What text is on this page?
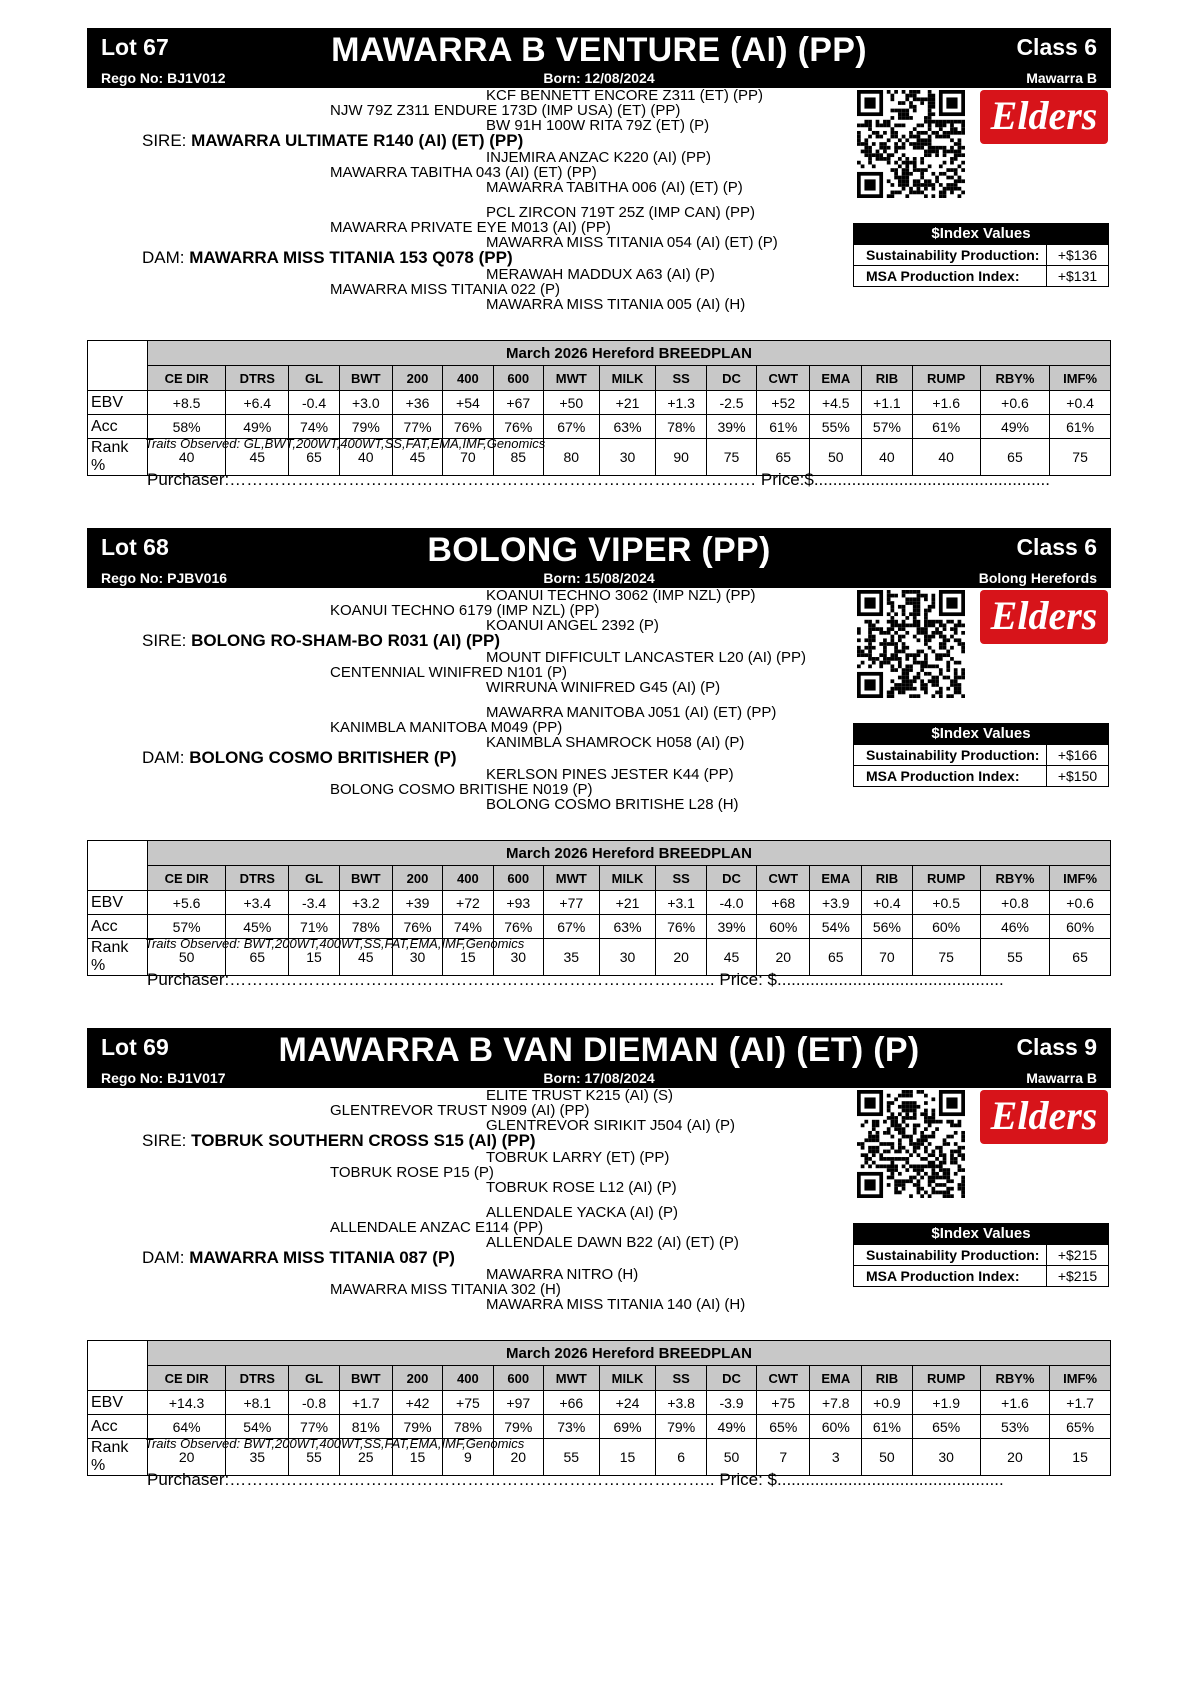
Lot 67	MAWARRA B VENTURE (AI) (PP)	Class 6
Rego No: BJ1V012	Born: 12/08/2024	Mawarra B
KCF BENNETT ENCORE Z311 (ET) (PP)
NJW 79Z Z311 ENDURE 173D (IMP USA) (ET) (PP)
BW 91H 100W RITA 79Z (ET) (P)
SIRE: MAWARRA ULTIMATE R140 (AI) (ET) (PP)
INJEMIRA ANZAC K220 (AI) (PP)
MAWARRA TABITHA 043 (AI) (ET) (PP)
MAWARRA TABITHA 006 (AI) (ET) (P)
PCL ZIRCON 719T 25Z (IMP CAN) (PP)
MAWARRA PRIVATE EYE M013 (AI) (PP)
MAWARRA MISS TITANIA 054 (AI) (ET) (P)
DAM: MAWARRA MISS TITANIA 153 Q078 (PP)
MERAWAH MADDUX A63 (AI) (P)
MAWARRA MISS TITANIA 022 (P)
MAWARRA MISS TITANIA 005 (AI) (H)
Elders
$Index Values
Sustainability Production:	+$136
MSA Production Index:	+$131
	March 2026 Hereford BREEDPLAN																
	CE DIR	DTRS	GL	BWT	200	400	600	MWT	MILK	SS	DC	CWT	EMA	RIB	RUMP	RBY%	IMF%
EBV	+8.5	+6.4	-0.4	+3.0	+36	+54	+67	+50	+21	+1.3	-2.5	+52	+4.5	+1.1	+1.6	+0.6	+0.4
Acc	58%	49%	74%	79%	77%	76%	76%	67%	63%	78%	39%	61%	55%	57%	61%	49%	61%
Rank %	40	45	65	40	45	70	85	80	30	90	75	65	50	40	40	65	75
Traits Observed: GL,BWT,200WT,400WT,SS,FAT,EMA,IMF,Genomics
Purchaser:………………………………………………………………………………… Price:$..................................................
Lot 68	BOLONG VIPER (PP)	Class 6
Rego No: PJBV016	Born: 15/08/2024	Bolong Herefords
KOANUI TECHNO 3062 (IMP NZL) (PP)
KOANUI TECHNO 6179 (IMP NZL) (PP)
KOANUI ANGEL 2392 (P)
SIRE: BOLONG RO-SHAM-BO R031 (AI) (PP)
MOUNT DIFFICULT LANCASTER L20 (AI) (PP)
CENTENNIAL WINIFRED N101 (P)
WIRRUNA WINIFRED G45 (AI) (P)
MAWARRA MANITOBA J051 (AI) (ET) (PP)
KANIMBLA MANITOBA M049 (PP)
KANIMBLA SHAMROCK H058 (AI) (P)
DAM: BOLONG COSMO BRITISHER (P)
KERLSON PINES JESTER K44 (PP)
BOLONG COSMO BRITISHE N019 (P)
BOLONG COSMO BRITISHE L28 (H)
Elders
$Index Values
Sustainability Production:	+$166
MSA Production Index:	+$150
	March 2026 Hereford BREEDPLAN																
	CE DIR	DTRS	GL	BWT	200	400	600	MWT	MILK	SS	DC	CWT	EMA	RIB	RUMP	RBY%	IMF%
EBV	+5.6	+3.4	-3.4	+3.2	+39	+72	+93	+77	+21	+3.1	-4.0	+68	+3.9	+0.4	+0.5	+0.8	+0.6
Acc	57%	45%	71%	78%	76%	74%	76%	67%	63%	76%	39%	60%	54%	56%	60%	46%	60%
Rank %	50	65	15	45	30	15	30	35	30	20	45	20	65	70	75	55	65
Traits Observed: BWT,200WT,400WT,SS,FAT,EMA,IMF,Genomics
Purchaser:………………………………………………………………………….. Price: $................................................
Lot 69	MAWARRA B VAN DIEMAN (AI) (ET) (P)	Class 9
Rego No: BJ1V017	Born: 17/08/2024	Mawarra B
ELITE TRUST K215 (AI) (S)
GLENTREVOR TRUST N909 (AI) (PP)
GLENTREVOR SIRIKIT J504 (AI) (P)
SIRE: TOBRUK SOUTHERN CROSS S15 (AI) (PP)
TOBRUK LARRY (ET) (PP)
TOBRUK ROSE P15 (P)
TOBRUK ROSE L12 (AI) (P)
ALLENDALE YACKA (AI) (P)
ALLENDALE ANZAC E114 (PP)
ALLENDALE DAWN B22 (AI) (ET) (P)
DAM: MAWARRA MISS TITANIA 087 (P)
MAWARRA NITRO (H)
MAWARRA MISS TITANIA 302 (H)
MAWARRA MISS TITANIA 140 (AI) (H)
Elders
$Index Values
Sustainability Production:	+$215
MSA Production Index:	+$215
	March 2026 Hereford BREEDPLAN																
	CE DIR	DTRS	GL	BWT	200	400	600	MWT	MILK	SS	DC	CWT	EMA	RIB	RUMP	RBY%	IMF%
EBV	+14.3	+8.1	-0.8	+1.7	+42	+75	+97	+66	+24	+3.8	-3.9	+75	+7.8	+0.9	+1.9	+1.6	+1.7
Acc	64%	54%	77%	81%	79%	78%	79%	73%	69%	79%	49%	65%	60%	61%	65%	53%	65%
Rank %	20	35	55	25	15	9	20	55	15	6	50	7	3	50	30	20	15
Traits Observed: BWT,200WT,400WT,SS,FAT,EMA,IMF,Genomics
Purchaser:………………………………………………………………………….. Price: $................................................
